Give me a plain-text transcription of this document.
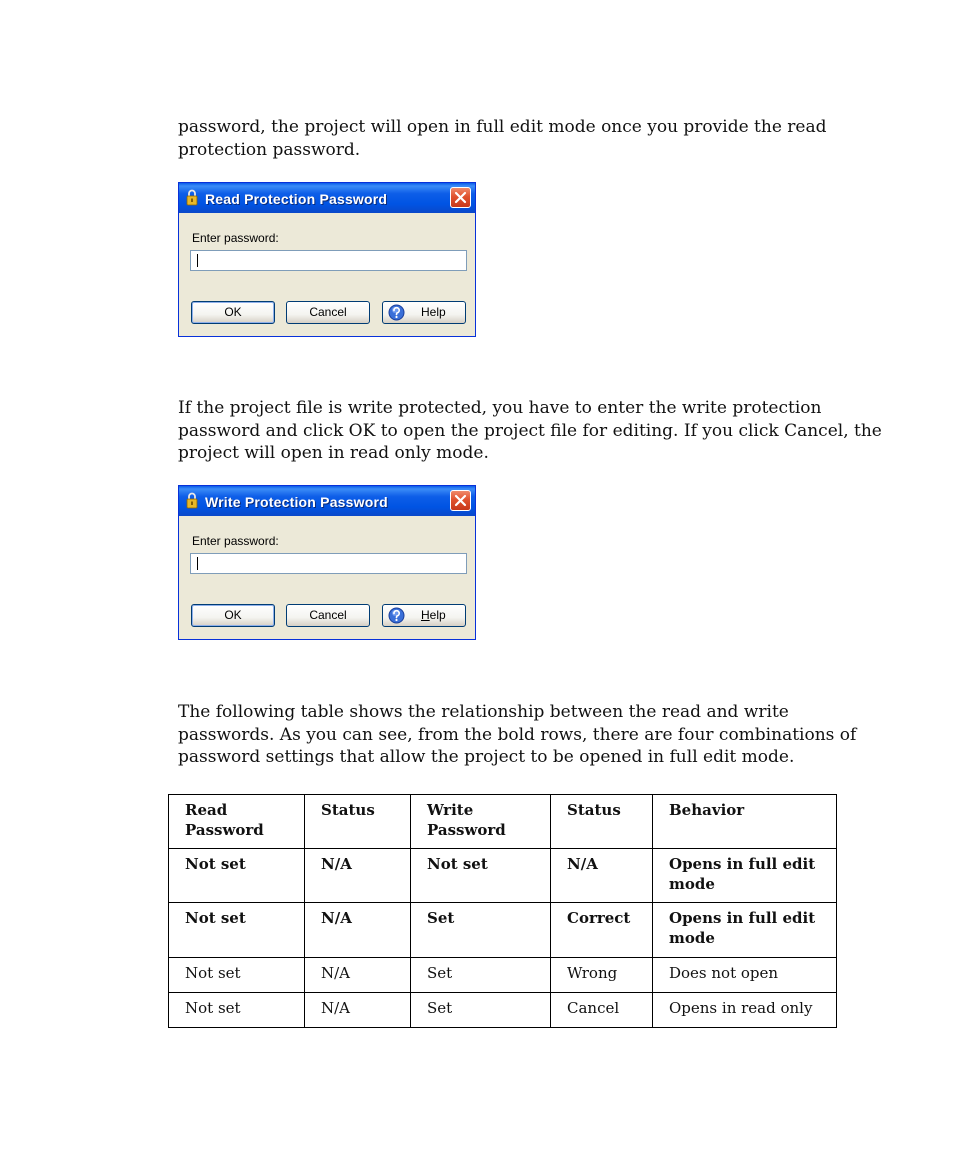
password, the project will open in full edit mode once you provide the read
protection password.
Read Protection Password
Enter password:
OK	Cancel	Help
If the project file is write protected, you have to enter the write protection
password and click OK to open the project file for editing. If you click Cancel, the
project will open in read only mode.
Write Protection Password
Enter password:
OK	Cancel	Help
The following table shows the relationship between the read and write
passwords. As you can see, from the bold rows, there are four combinations of
password settings that allow the project to be opened in full edit mode.
Read Password	Status	Write Password	Status	Behavior
Not set	N/A	Not set	N/A	Opens in full edit mode
Not set	N/A	Set	Correct	Opens in full edit mode
Not set	N/A	Set	Wrong	Does not open
Not set	N/A	Set	Cancel	Opens in read only
